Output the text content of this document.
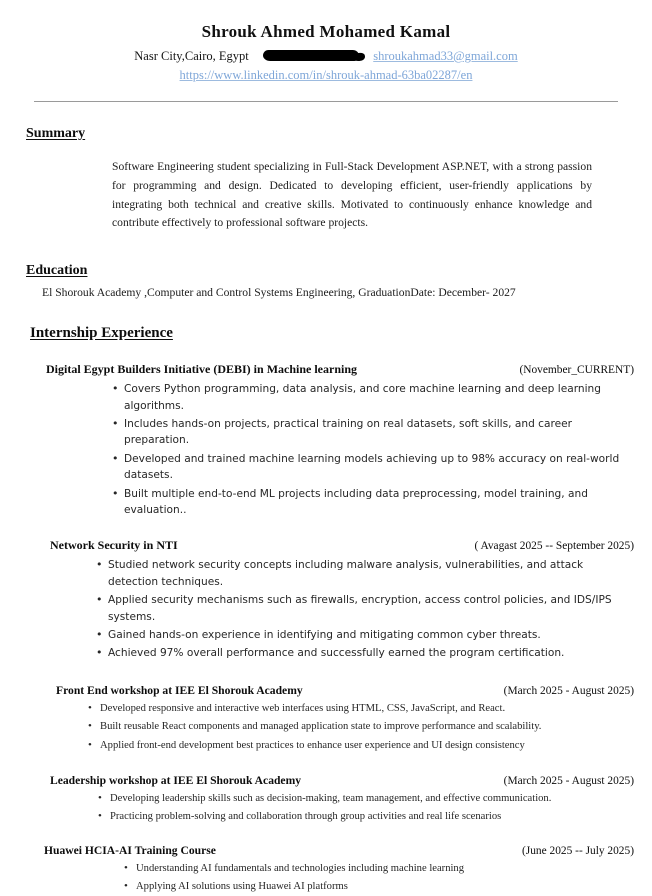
Shrouk Ahmed Mohamed Kamal
Nasr City,Cairo, Egypt	shroukahmad33@gmail.com
https://www.linkedin.com/in/shrouk-ahmad-63ba02287/en
Summary
Software Engineering student specializing in Full-Stack Development ASP.NET, with a strong passion for programming and design. Dedicated to developing efficient, user-friendly applications by integrating both technical and creative skills. Motivated to continuously enhance knowledge and contribute effectively to professional software projects.
Education
El Shorouk Academy ,Computer and Control Systems Engineering, GraduationDate: December- 2027
Internship Experience
Digital Egypt Builders Initiative (DEBI) in Machine learning	(November_CURRENT)
• Covers Python programming, data analysis, and core machine learning and deep learning algorithms.
• Includes hands-on projects, practical training on real datasets, soft skills, and career preparation.
• Developed and trained machine learning models achieving up to 98% accuracy on real-world datasets.
• Built multiple end-to-end ML projects including data preprocessing, model training, and evaluation..
Network Security in NTI	( Avagast 2025 -- September 2025)
• Studied network security concepts including malware analysis, vulnerabilities, and attack detection techniques.
• Applied security mechanisms such as firewalls, encryption, access control policies, and IDS/IPS systems.
• Gained hands-on experience in identifying and mitigating common cyber threats.
• Achieved 97% overall performance and successfully earned the program certification.
Front End workshop at IEE El Shorouk Academy	(March 2025 - August 2025)
• Developed responsive and interactive web interfaces using HTML, CSS, JavaScript, and React.
• Built reusable React components and managed application state to improve performance and scalability.
• Applied front-end development best practices to enhance user experience and UI design consistency
Leadership workshop at IEE El Shorouk Academy	(March 2025 - August 2025)
• Developing leadership skills such as decision-making, team management, and effective communication.
• Practicing problem-solving and collaboration through group activities and real life scenarios
Huawei HCIA-AI Training Course	(June 2025 -- July 2025)
• Understanding AI fundamentals and technologies including machine learning
• Applying AI solutions using Huawei AI platforms
